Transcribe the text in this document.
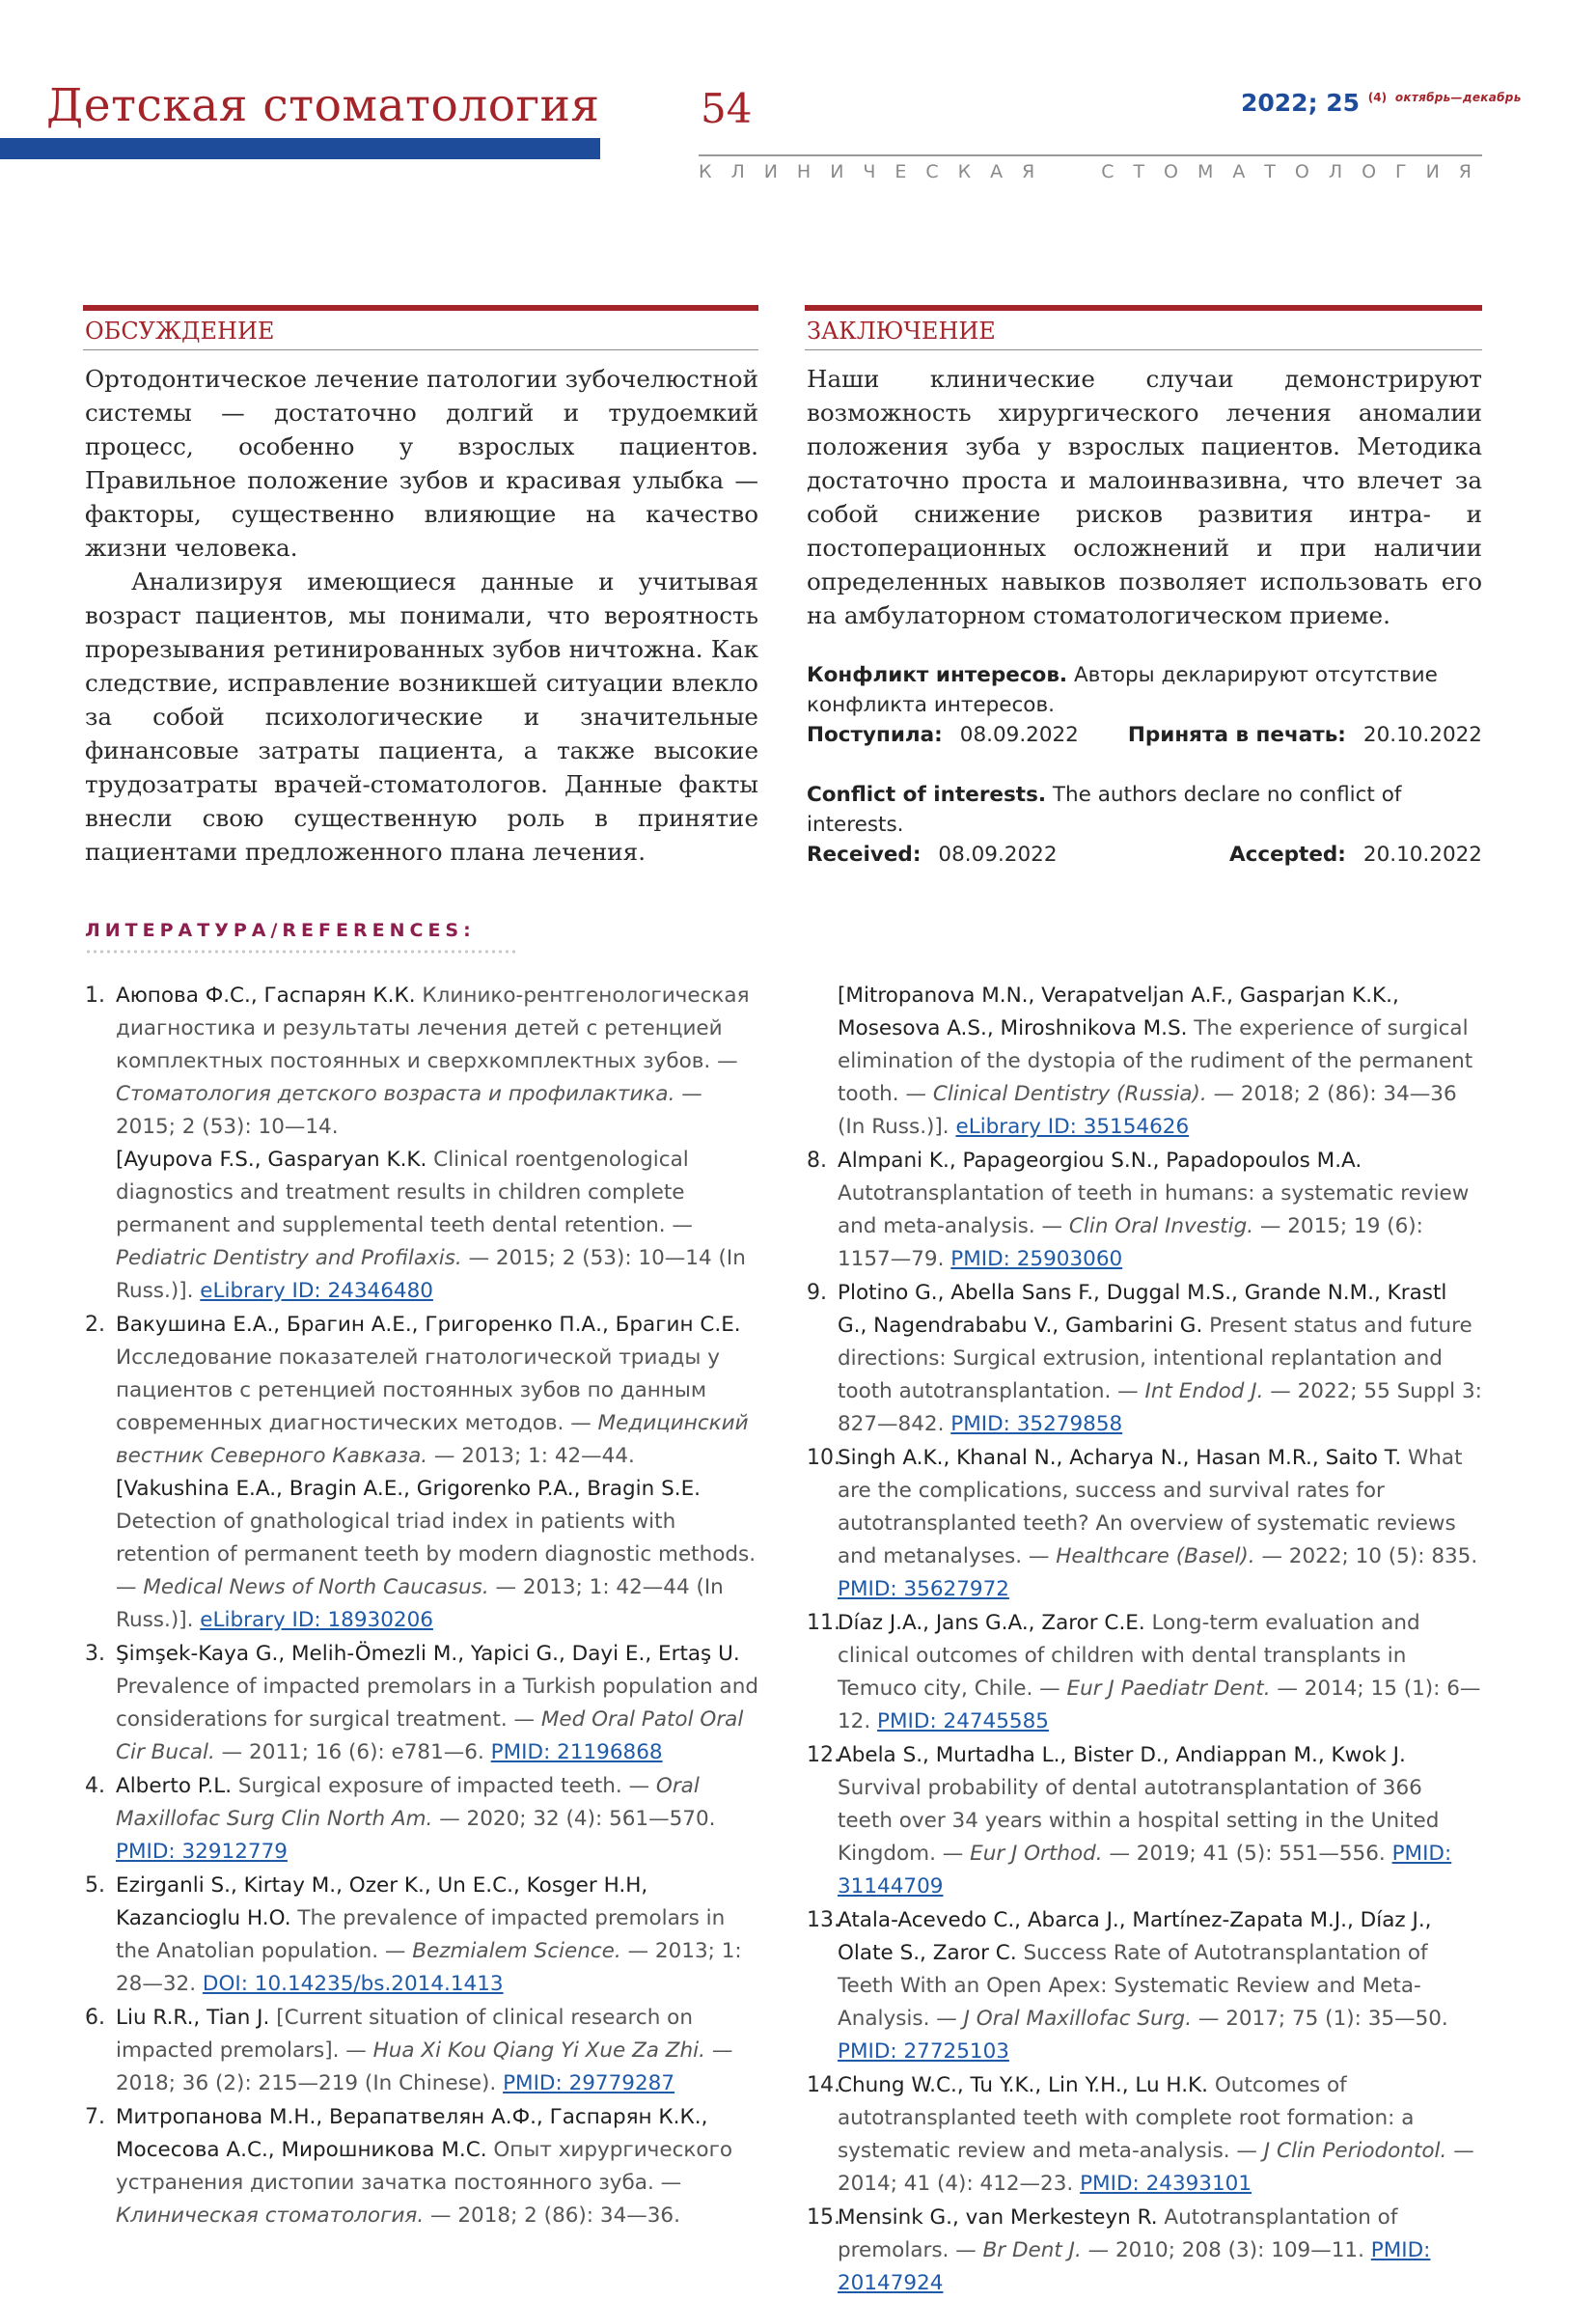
Детская стоматология 54	2022; 25 $^{(4)}$ $^{октябрь—декабрь}$
К Л И Н И Ч Е С К А Я	С Т О М А Т О Л О Г И Я
ОБСУЖДЕНИЕ

Ортодонтическое лечение патологии зубочелюстной системы — достаточно долгий и трудоемкий процесс, особенно у взрослых пациентов. Правильное положение зубов и красивая улыбка — факторы, существенно влияющие на качество жизни человека.

Анализируя имеющиеся данные и учитывая возраст пациентов, мы понимали, что вероятность прорезывания ретинированных зубов ничтожна. Как следствие, исправление возникшей ситуации влекло за собой психологические и значительные финансовые затраты пациента, а также высокие трудозатраты врачей-стоматологов. Данные факты внесли свою существенную роль в принятие пациентами предложенного плана лечения.

ЗАКЛЮЧЕНИЕ

Наши клинические случаи демонстрируют возможность хирургического лечения аномалии положения зуба у взрослых пациентов. Методика достаточно проста и малоинвазивна, что влечет за собой снижение рисков развития интра- и постоперационных осложнений и при наличии определенных навыков позволяет использовать его на амбулаторном стоматологическом приеме.

Конфликт интересов. Авторы декларируют отсутствие конфликта интересов.
Поступила: 08.09.2022 Принята в печать: 20.10.2022
Conflict of interests. The authors declare no conflict of interests.
Received: 08.09.2022	Accepted: 20.10.2022
ЛИТЕРАТУРА/REFERENCES:
1. Аюпова Ф.С., Гаспарян К.К. Клинико-рентгенологическая диагностика и результаты лечения детей с ретенцией комплектных постоянных и сверхкомплектных зубов. — Стоматология детского возраста и профилактика. — 2015; 2 (53): 10—14.
[Ayupova F.S., Gasparyan K.K. Clinical roentgenological diagnostics and treatment results in children complete permanent and supplemental teeth dental retention. — Pediatric Dentistry and Profilaxis. — 2015; 2 (53): 10—14 (In Russ.)]. eLibrary ID: 24346480
2. Вакушина Е.А., Брагин А.Е., Григоренко П.А., Брагин С.Е. Исследование показателей гнатологической триады у пациентов с ретенцией постоянных зубов по данным современных диагностических методов. — Медицинский вестник Северного Кавказа. — 2013; 1: 42—44.
[Vakushina E.A., Bragin A.E., Grigorenko P.A., Bragin S.E. Detection of gnathological triad index in patients with retention of permanent teeth by modern diagnostic methods. — Medical News of North Caucasus. — 2013; 1: 42—44 (In Russ.)]. eLibrary ID: 18930206
3. Şimşek-Kaya G., Melih-Ömezli M., Yapici G., Dayi E., Ertaş U. Prevalence of impacted premolars in a Turkish population and considerations for surgical treatment. — Med Oral Patol Oral Cir Bucal. — 2011; 16 (6): e781—6. PMID: 21196868
4. Alberto P.L. Surgical exposure of impacted teeth. — Oral Maxillofac Surg Clin North Am. — 2020; 32 (4): 561—570. PMID: 32912779
5. Ezirganli S., Kirtay M., Ozer K., Un E.C., Kosger H.H, Kazancioglu H.O. The prevalence of impacted premolars in the Anatolian population. — Bezmialem Science. — 2013; 1: 28—32. DOI: 10.14235/bs.2014.1413
6. Liu R.R., Tian J. [Current situation of clinical research on impacted premolars]. — Hua Xi Kou Qiang Yi Xue Za Zhi. — 2018; 36 (2): 215—219 (In Chinese). PMID: 29779287
7. Митропанова М.Н., Верапатвелян А.Ф., Гаспарян К.К., Мосесова А.С., Мирошникова М.С. Опыт хирургического устранения дистопии зачатка постоянного зуба. — Клиническая стоматология. — 2018; 2 (86): 34—36.
[Mitropanova M.N., Verapatveljan A.F., Gasparjan K.K., Mosesova A.S., Miroshnikova M.S. The experience of surgical elimination of the dystopia of the rudiment of the permanent tooth. — Clinical Dentistry (Russia). — 2018; 2 (86): 34—36 (In Russ.)]. eLibrary ID: 35154626
8. Almpani K., Papageorgiou S.N., Papadopoulos M.A. Autotransplantation of teeth in humans: a systematic review and meta-analysis. — Clin Oral Investig. — 2015; 19 (6): 1157—79. PMID: 25903060
9. Plotino G., Abella Sans F., Duggal M.S., Grande N.M., Krastl G., Nagendrababu V., Gambarini G. Present status and future directions: Surgical extrusion, intentional replantation and tooth autotransplantation. — Int Endod J. — 2022; 55 Suppl 3: 827—842. PMID: 35279858
10.
Singh A.K., Khanal N., Acharya N., Hasan M.R., Saito T. What are the complications, success and survival rates for autotransplanted teeth? An overview of systematic reviews and metanalyses. — Healthcare (Basel). — 2022; 10 (5): 835. PMID: 35627972
11.
Díaz J.A., Jans G.A., Zaror C.E. Long-term evaluation and clinical outcomes of children with dental transplants in Temuco city, Chile. — Eur J Paediatr Dent. — 2014; 15 (1): 6—12. PMID: 24745585
12.
Abela S., Murtadha L., Bister D., Andiappan M., Kwok J. Survival probability of dental autotransplantation of 366 teeth over 34 years within a hospital setting in the United Kingdom. — Eur J Orthod. — 2019; 41 (5): 551—556. PMID: 31144709
13.
Atala-Acevedo C., Abarca J., Martínez-Zapata M.J., Díaz J., Olate S., Zaror C. Success Rate of Autotransplantation of Teeth With an Open Apex: Systematic Review and Meta-Analysis. — J Oral Maxillofac Surg. — 2017; 75 (1): 35—50. PMID: 27725103
14.
Chung W.C., Tu Y.K., Lin Y.H., Lu H.K. Outcomes of autotransplanted teeth with complete root formation: a systematic review and meta-analysis. — J Clin Periodontol. — 2014; 41 (4): 412—23. PMID: 24393101
15.
Mensink G., van Merkesteyn R. Autotransplantation of premolars. — Br Dent J. — 2010; 208 (3): 109—11. PMID: 20147924
